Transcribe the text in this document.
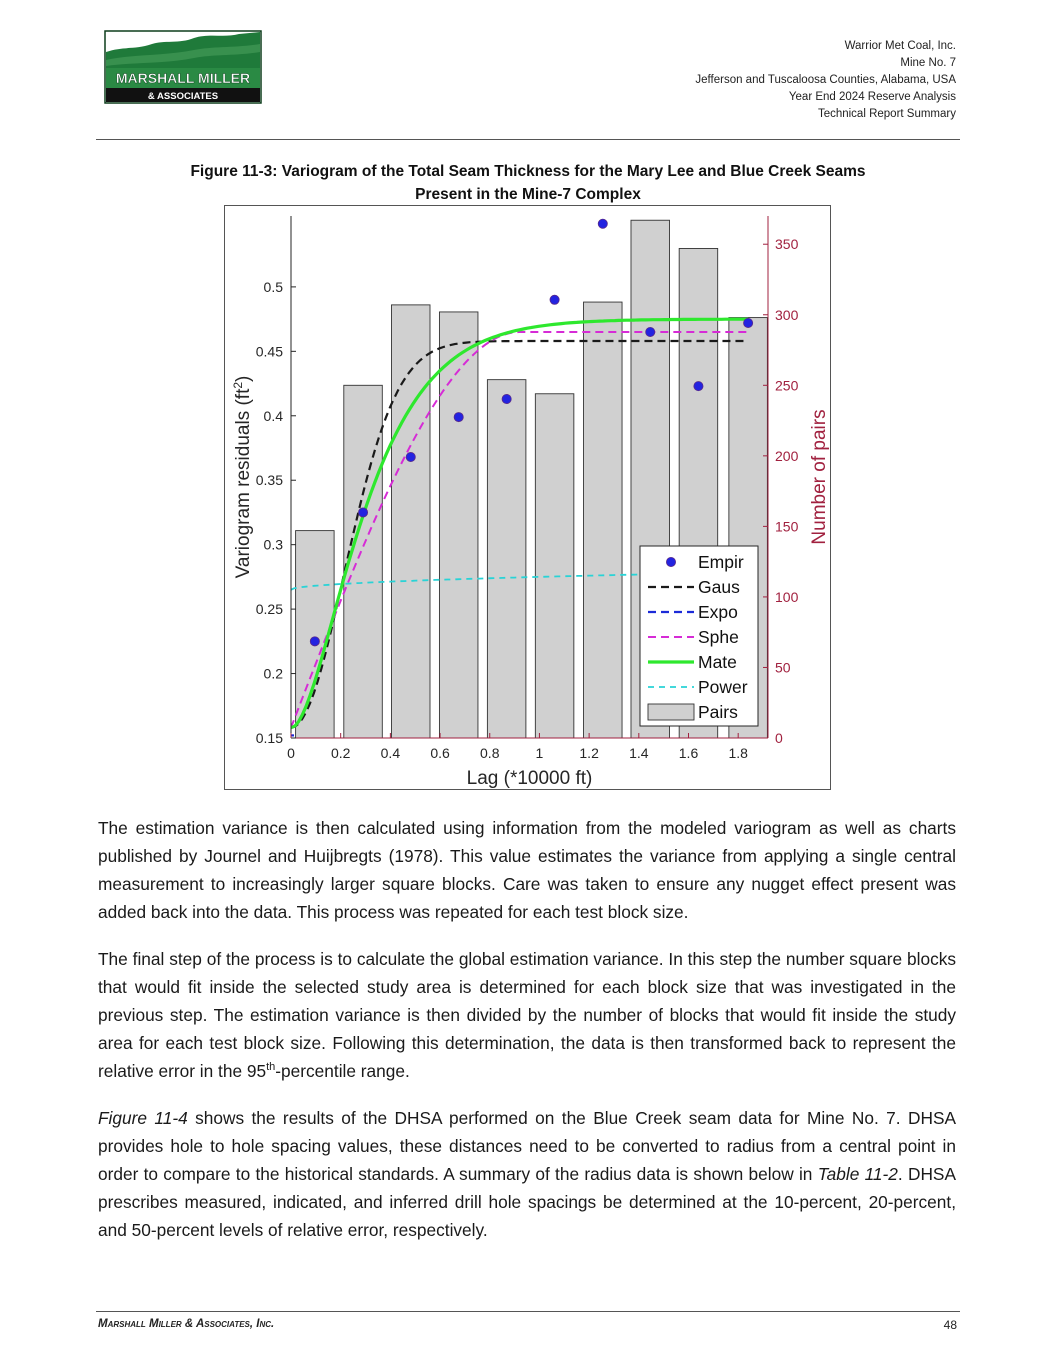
MARSHALL MILLER
& ASSOCIATES
Warrior Met Coal, Inc.
Mine No. 7
Jefferson and Tuscaloosa Counties, Alabama, USA
Year End 2024 Reserve Analysis
Technical Report Summary
Figure 11-3: Variogram of the Total Seam Thickness for the Mary Lee and Blue Creek Seams
Present in the Mine-7 Complex
0.15
0.2
0.25
0.3
0.35
0.4
0.45
0.5
0
50
100
150
200
250
300
350
0	0.2 0.4 0.6 0.8	1	1.2 1.4 1.6 1.8
Lag (*10000 ft)
Variogram residuals $(ft^2)$
Number of pairs
Empir
Gaus
Expo
Sphe
Mate
Power
Pairs

The estimation variance is then calculated using information from the modeled variogram as well as charts published by Journel and Huijbregts (1978). This value estimates the variance from applying a single central measurement to increasingly larger square blocks. Care was taken to ensure any nugget effect present was added back into the data. This process was repeated for each test block size.

The final step of the process is to calculate the global estimation variance. In this step the number square blocks that would fit inside the selected study area is determined for each block size that was investigated in the previous step. The estimation variance is then divided by the number of blocks that would fit inside the study area for each test block size. Following this determination, the data is then transformed back to represent the relative error in the 95th-percentile range.

Figure 11-4 shows the results of the DHSA performed on the Blue Creek seam data for Mine No. 7. DHSA provides hole to hole spacing values, these distances need to be converted to radius from a central point in order to compare to the historical standards. A summary of the radius data is shown below in Table 11-2. DHSA prescribes measured, indicated, and inferred drill hole spacings be determined at the 10-percent, 20-percent, and 50-percent levels of relative error, respectively.

Marshall Miller & Associates, Inc.	48
